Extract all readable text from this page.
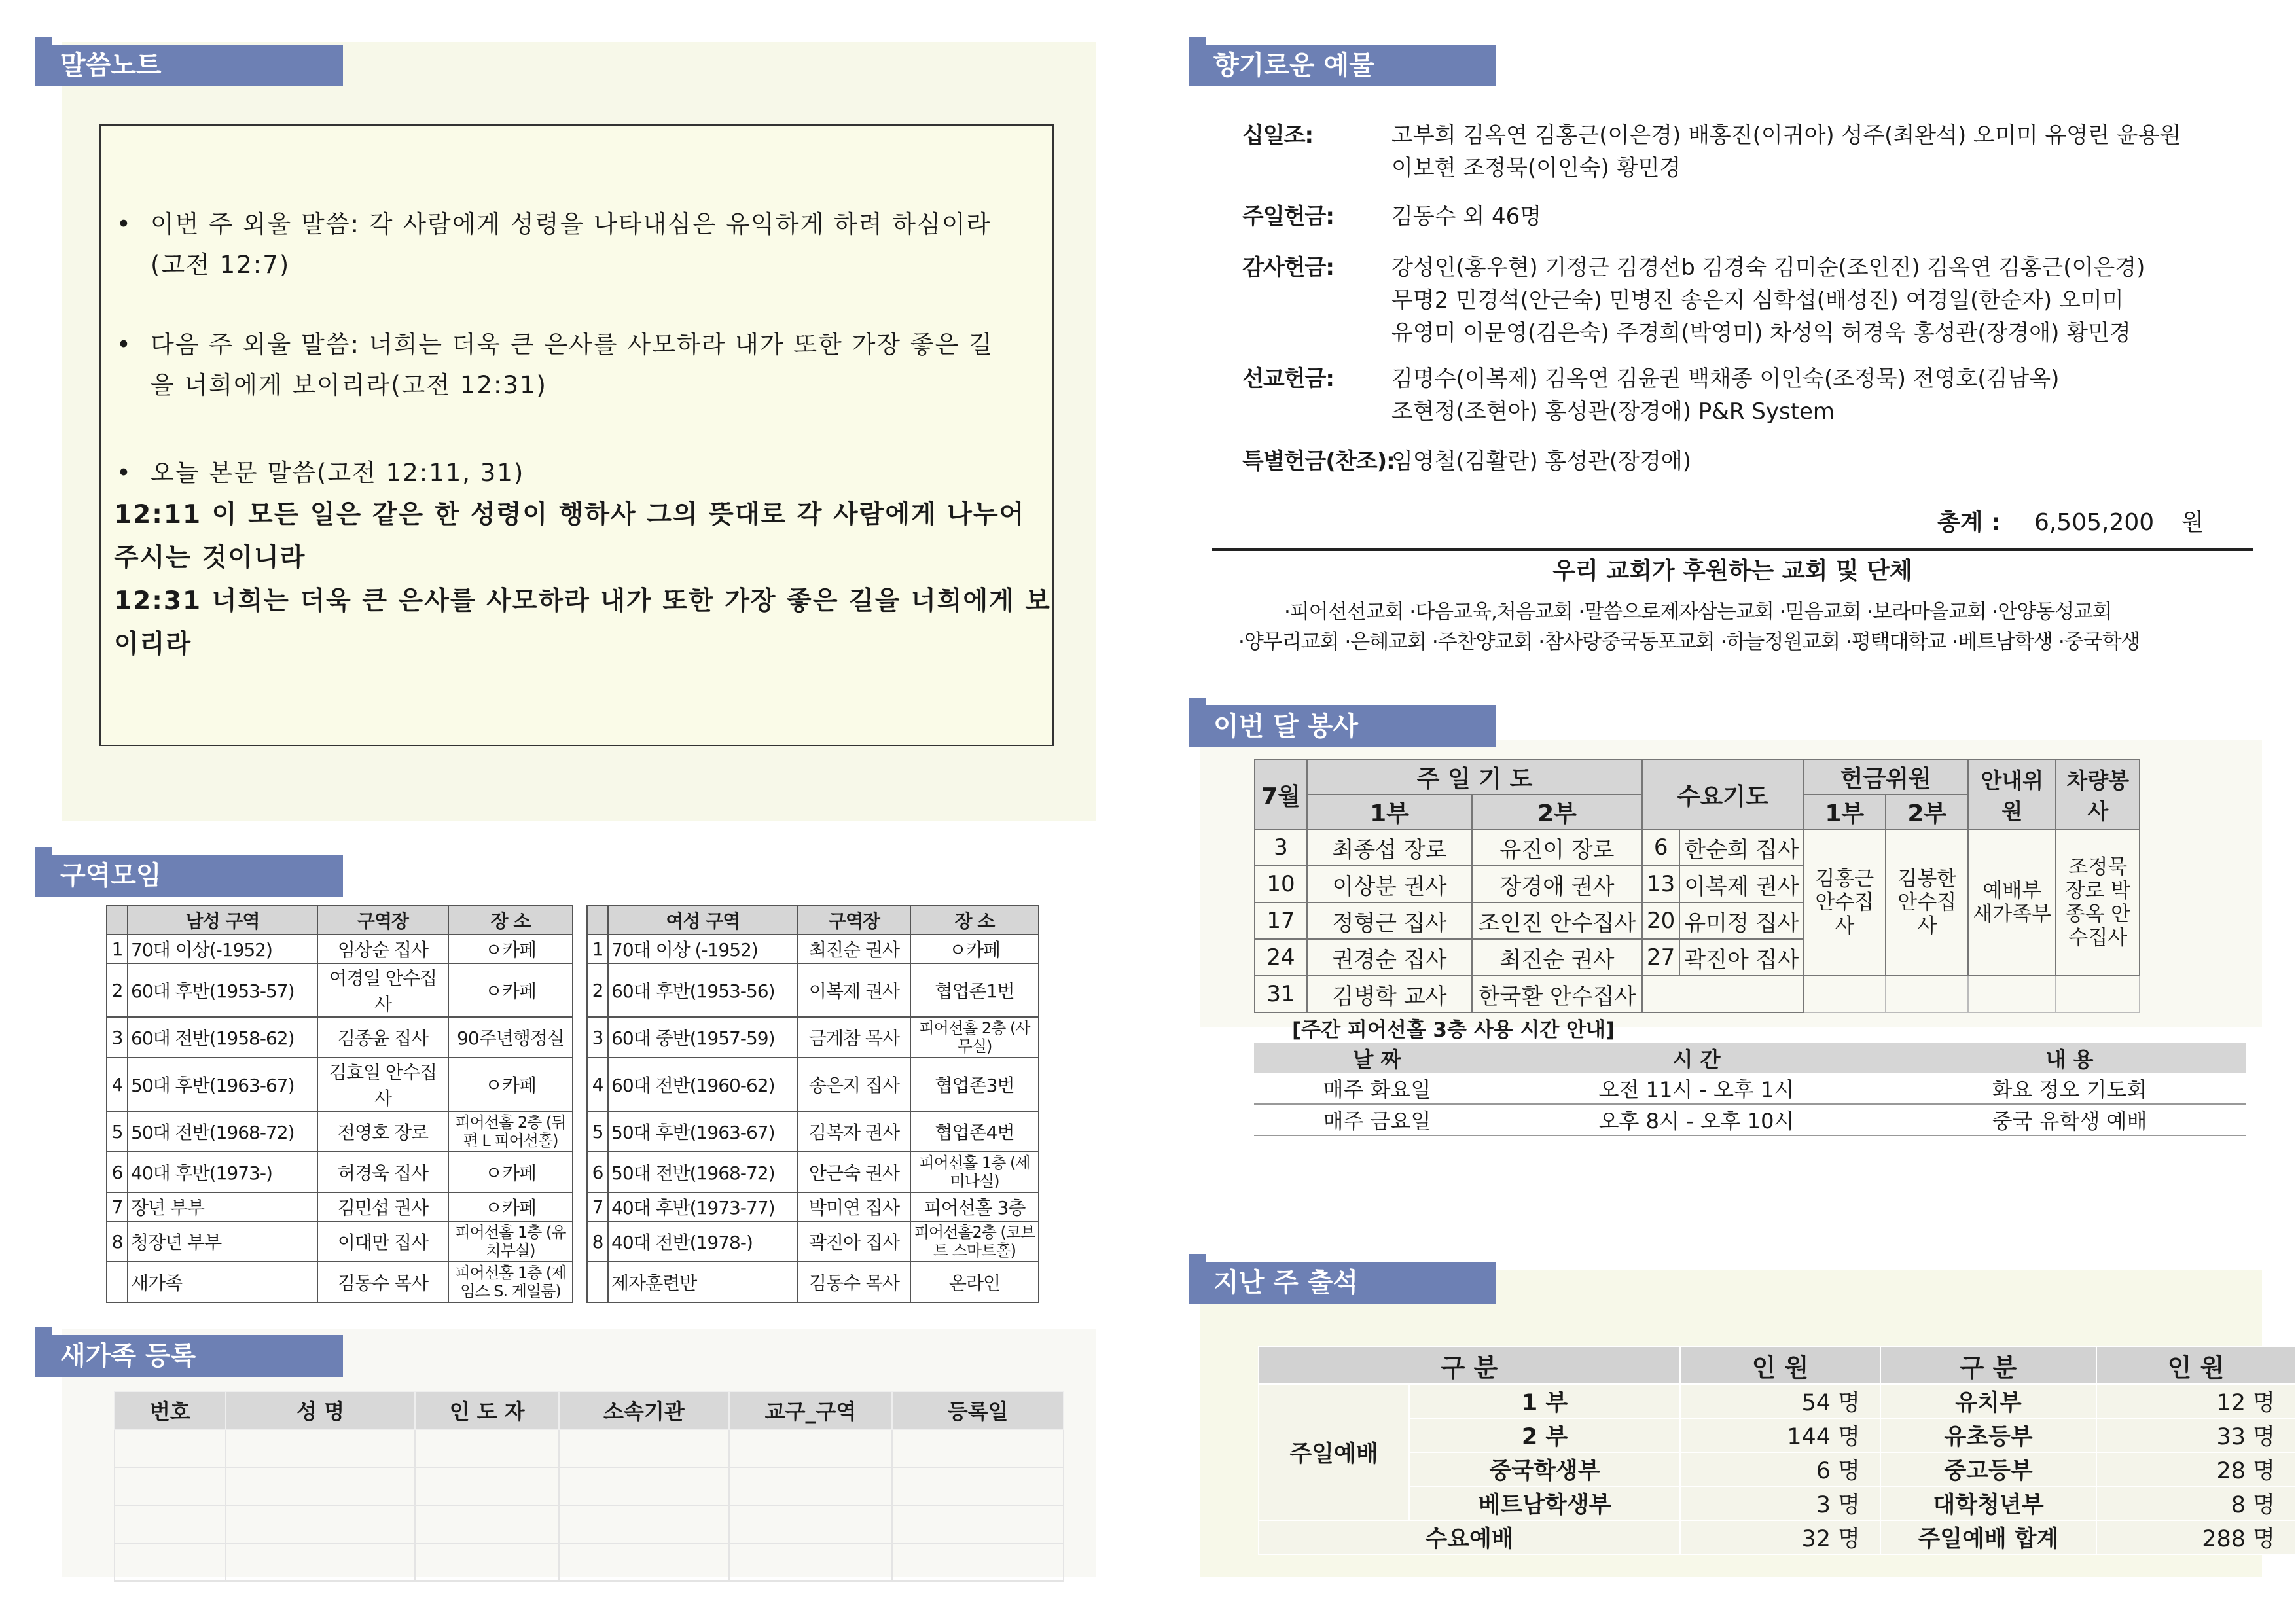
말씀노트
• 이번 주 외울 말씀: 각 사람에게 성령을 나타내심은 유익하게 하려 하심이라
(고전 12:7)
• 다음 주 외울 말씀: 너희는 더욱 큰 은사를 사모하라 내가 또한 가장 좋은 길
을 너희에게 보이리라(고전 12:31)
• 오늘 본문 말씀(고전 12:11, 31)
12:11 이 모든 일은 같은 한 성령이 행하사 그의 뜻대로 각 사람에게 나누어
주시는 것이니라
12:31 너희는 더욱 큰 은사를 사모하라 내가 또한 가장 좋은 길을 너희에게 보
이리라
구역모임
	남성 구역	구역장	장 소			여성 구역	구역장	장 소
1	70대 이상(-1952)	임상순 집사	ㅇ카페		1	70대 이상 (-1952)	최진순 권사	ㅇ카페
2	60대 후반(1953-57)	여경일 안수집사	ㅇ카페		2	60대 후반(1953-56)	이복제 권사	협업존1번
3	60대 전반(1958-62)	김종윤 집사	90주년행정실		3	60대 중반(1957-59)	금계참 목사	피어선홀 2층 (사무실)
4	50대 후반(1963-67)	김효일 안수집사	ㅇ카페		4	60대 전반(1960-62)	송은지 집사	협업존3번
5	50대 전반(1968-72)	전영호 장로	피어선홀 2층 (뒤편 L 피어선홀)		5	50대 후반(1963-67)	김복자 권사	협업존4번
6	40대 후반(1973-)	허경욱 집사	ㅇ카페		6	50대 전반(1968-72)	안근숙 권사	피어선홀 1층 (세미나실)
7	장년 부부	김민섭 권사	ㅇ카페		7	40대 후반(1973-77)	박미연 집사	피어선홀 3층
8	청장년 부부	이대만 집사	피어선홀 1층 (유치부실)		8	40대 전반(1978-)	곽진아 집사	피어선홀2층 (코브트 스마트홀)
	새가족	김동수 목사	피어선홀 1층 (제임스 S. 게일룸)			제자훈련반	김동수 목사	온라인
새가족 등록
번호	성 명	인 도 자	소속기관	교구_구역	등록일

향기로운 예물
십일조:	고부희 김옥연 김홍근(이은경) 배홍진(이귀아) 성주(최완석) 오미미 유영린 윤용원
이보현 조정묵(이인숙) 황민경
주일헌금:	김동수 외 46명
감사헌금:	강성인(홍우현) 기정근 김경선b 김경숙 김미순(조인진) 김옥연 김홍근(이은경)
무명2 민경석(안근숙) 민병진 송은지 심학섭(배성진) 여경일(한순자) 오미미
유영미 이문영(김은숙) 주경희(박영미) 차성익 허경욱 홍성관(장경애) 황민경
선교헌금:	김명수(이복제) 김옥연 김윤권 백채종 이인숙(조정묵) 전영호(김남옥)
조현정(조현아) 홍성관(장경애) P&R System
특별헌금(찬조):
임영철(김활란) 홍성관(장경애)
총계 : 6,505,200 원
우리 교회가 후원하는 교회 및 단체
·피어선선교회 ·다음교육,처음교회 ·말씀으로제자삼는교회 ·믿음교회 ·보라마을교회 ·안양동성교회
·양무리교회 ·은혜교회 ·주찬양교회 ·참사랑중국동포교회 ·하늘정원교회 ·평택대학교 ·베트남학생 ·중국학생
이번 달 봉사
7월	주 일 기 도		수요기도		헌금위원		안내위원	차량봉사
	1부	2부			1부	2부		
3	최종섭 장로	유진이 장로	6	한순희 집사	김홍근 안수집사	김봉한 안수집사	예배부 새가족부	조정묵 장로 박종옥 안수집사
10	이상분 권사	장경애 권사	13	이복제 권사				
17	정형근 집사	조인진 안수집사	20	유미정 집사				
24	권경순 집사	최진순 권사	27	곽진아 집사				
31	김병학 교사	한국환 안수집사						
[주간 피어선홀 3층 사용 시간 안내]
날 짜	시 간	내 용
매주 화요일	오전 11시 - 오후 1시	화요 정오 기도회
매주 금요일	오후 8시 - 오후 10시	중국 유학생 예배
지난 주 출석
구 분		인 원	구 분	인 원
주일예배	1 부	54 명	유치부	12 명
	2 부	144 명	유초등부	33 명
	중국학생부	6 명	중고등부	28 명
	베트남학생부	3 명	대학청년부	8 명
수요예배		32 명	주일예배 합계	288 명
